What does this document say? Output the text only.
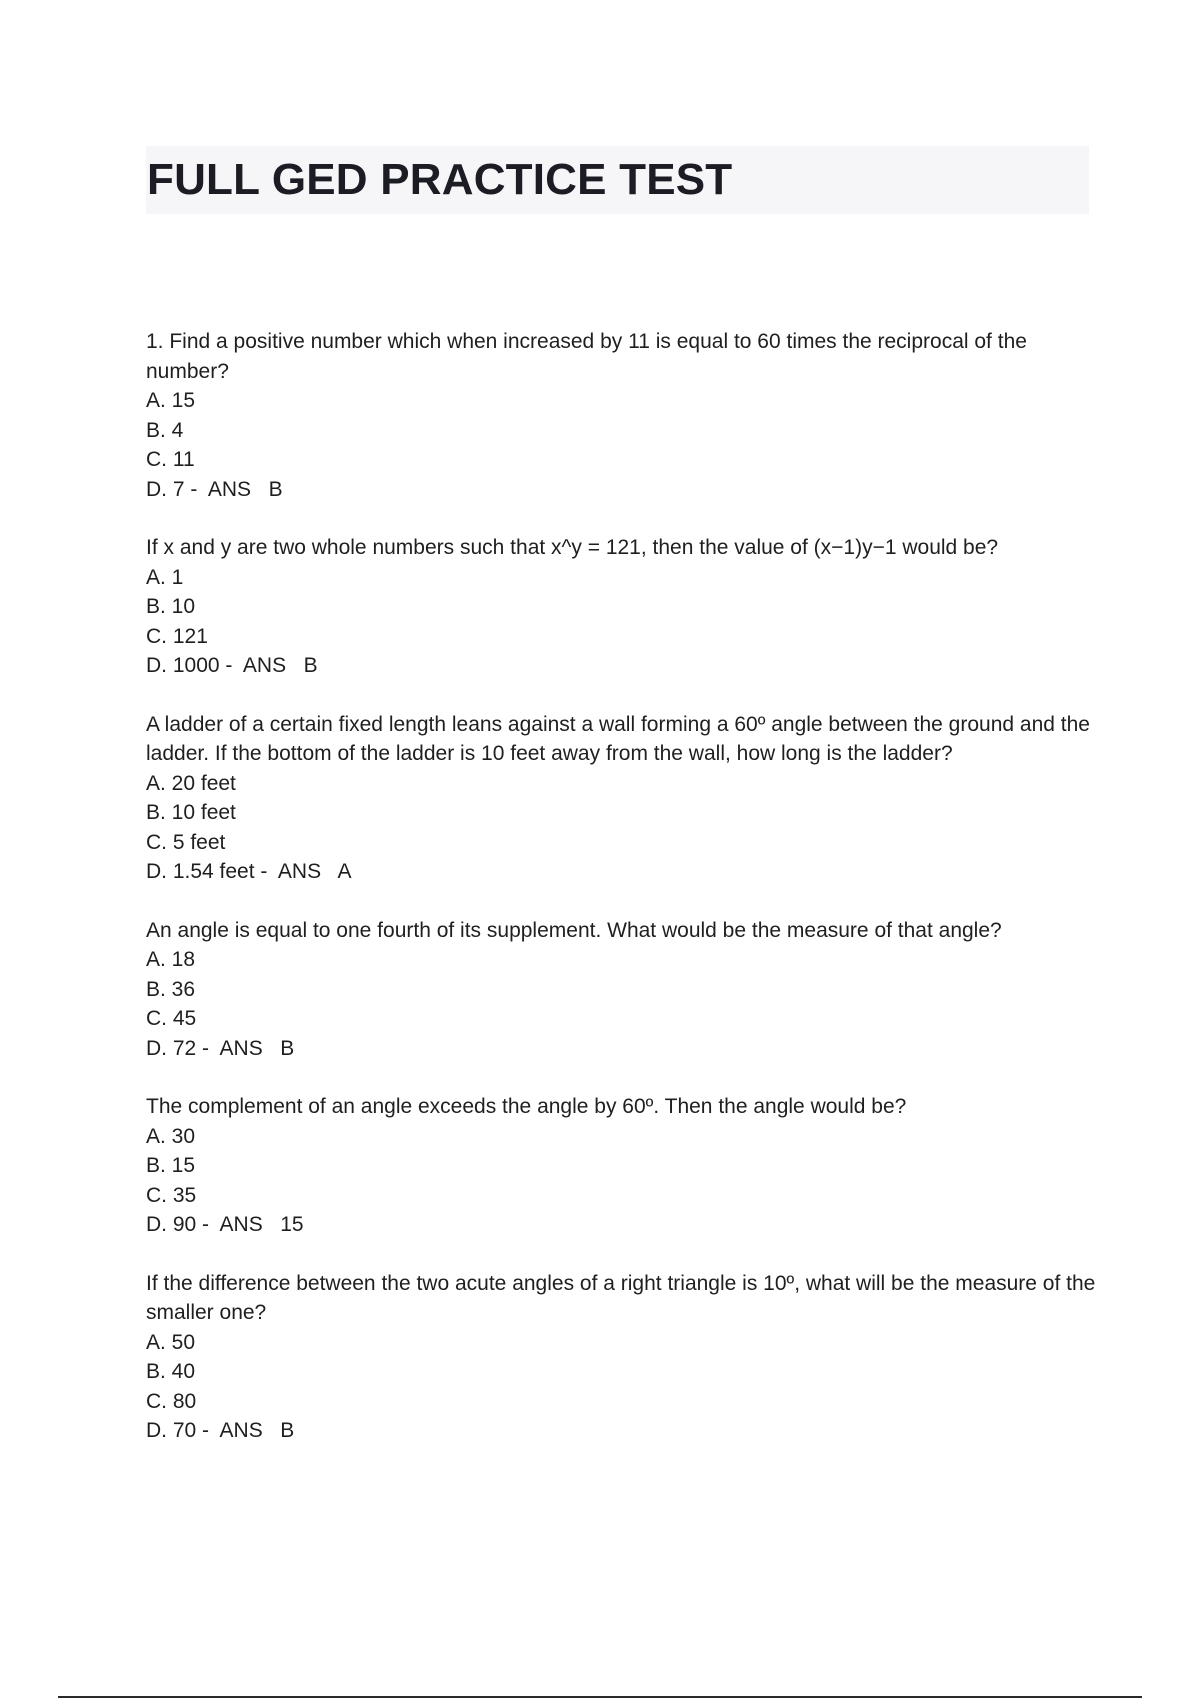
FULL GED PRACTICE TEST

1. Find a positive number which when increased by 11 is equal to 60 times the reciprocal of the number?

A. 15
B. 4
C. 11
D. 7 -  ANS B

If x and y are two whole numbers such that x^y = 121, then the value of (x−1)y−1 would be?

A. 1
B. 10
C. 121
D. 1000 -  ANS B

A ladder of a certain fixed length leans against a wall forming a 60º angle between the ground and the ladder. If the bottom of the ladder is 10 feet away from the wall, how long is the ladder?

A. 20 feet
B. 10 feet
C. 5 feet
D. 1.54 feet -  ANS A

An angle is equal to one fourth of its supplement. What would be the measure of that angle?

A. 18
B. 36
C. 45
D. 72 -  ANS B

The complement of an angle exceeds the angle by 60º. Then the angle would be?

A. 30
B. 15
C. 35
D. 90 -  ANS 15

If the difference between the two acute angles of a right triangle is 10º, what will be the measure of the smaller one?

A. 50
B. 40
C. 80
D. 70 -  ANS B
